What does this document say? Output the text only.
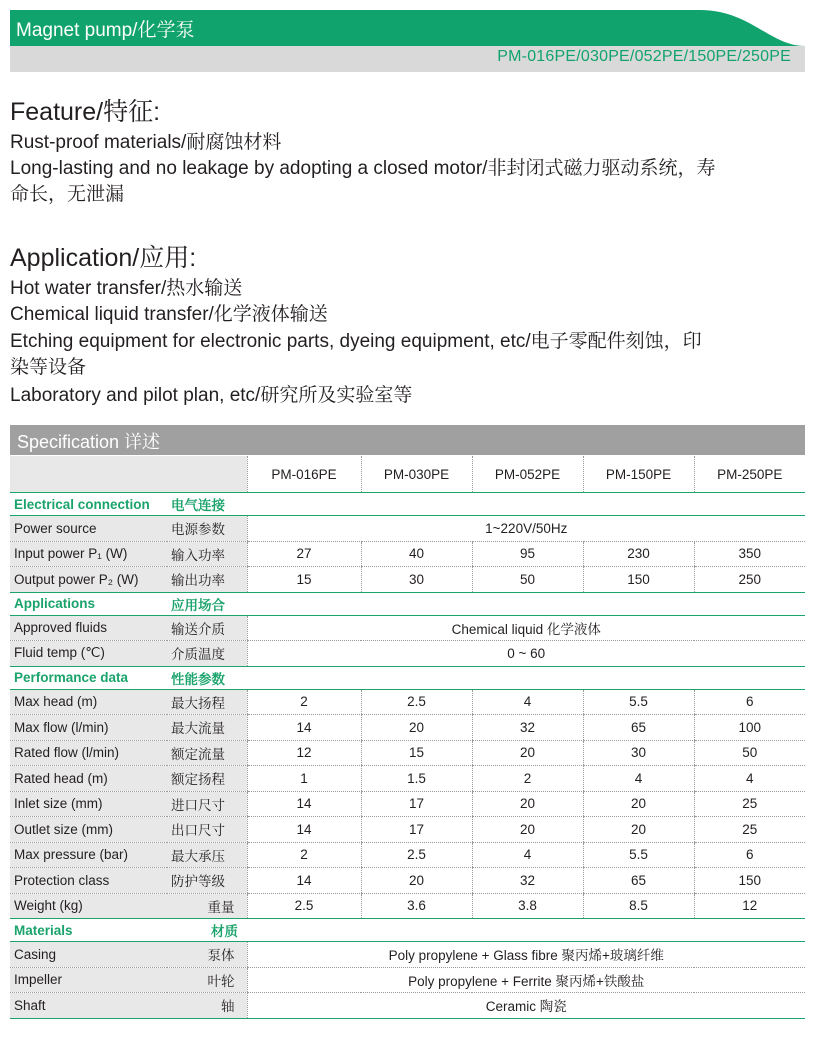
Magnet pump/化学泵
PM-016PE/030PE/052PE/150PE/250PE
Feature/特征:
Rust-proof materials/耐腐蚀材料
Long-lasting and no leakage by adopting a closed motor/非封闭式磁力驱动系统，寿
命长，无泄漏
Application/应用:
Hot water transfer/热水输送
Chemical liquid transfer/化学液体输送
Etching equipment for electronic parts, dyeing equipment, etc/电子零配件刻蚀，印
染等设备
Laboratory and pilot plan, etc/研究所及实验室等
Specification 详述
		PM-016PE	PM-030PE	PM-052PE	PM-150PE	PM-250PE
Electrical connection	电气连接					
Power source	电源参数	1~220V/50Hz				
Input power P₁ (W)	输入功率	27	40	95	230	350
Output power P₂ (W)	输出功率	15	30	50	150	250
Applications	应用场合					
Approved fluids	输送介质	Chemical liquid 化学液体				
Fluid temp (℃)	介质温度	0 ~ 60				
Performance data	性能参数					
Max head (m)	最大扬程	2	2.5	4	5.5	6
Max flow (l/min)	最大流量	14	20	32	65	100
Rated flow (l/min)	额定流量	12	15	20	30	50
Rated head (m)	额定扬程	1	1.5	2	4	4
Inlet size (mm)	进口尺寸	14	17	20	20	25
Outlet size (mm)	出口尺寸	14	17	20	20	25
Max pressure (bar)	最大承压	2	2.5	4	5.5	6
Protection class	防护等级	14	20	32	65	150
Weight (kg)	重量	2.5	3.6	3.8	8.5	12
Materials	材质					
Casing	泵体	Poly propylene + Glass fibre 聚丙烯+玻璃纤维				
Impeller	叶轮	Poly propylene + Ferrite 聚丙烯+铁酸盐				
Shaft	轴	Ceramic 陶瓷				
